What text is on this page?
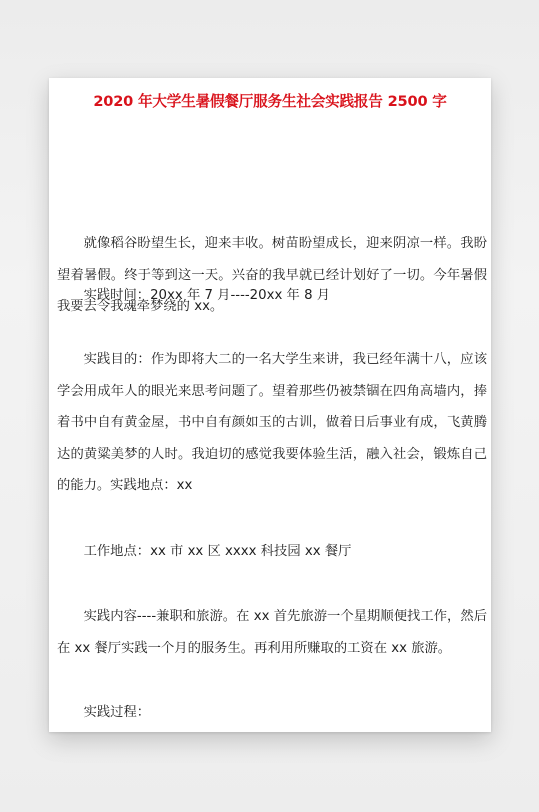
2020 年大学生暑假餐厅服务生社会实践报告 2500 字

就像稻谷盼望生长，迎来丰收。树苗盼望成长，迎来阴凉一样。我盼望着暑假。终于等到这一天。兴奋的我早就已经计划好了一切。今年暑假我要去令我魂牵梦绕的 xx。

实践时间：20xx 年 7 月----20xx 年 8 月

实践目的：作为即将大二的一名大学生来讲，我已经年满十八，应该学会用成年人的眼光来思考问题了。望着那些仍被禁锢在四角高墙内，捧着书中自有黄金屋，书中自有颜如玉的古训，做着日后事业有成，飞黄腾达的黄粱美梦的人时。我迫切的感觉我要体验生活，融入社会，锻炼自己的能力。实践地点：xx

工作地点：xx 市 xx 区 xxxx 科技园 xx 餐厅

实践内容----兼职和旅游。在 xx 首先旅游一个星期顺便找工作，然后在 xx 餐厅实践一个月的服务生。再利用所赚取的工资在 xx 旅游。

实践过程：
